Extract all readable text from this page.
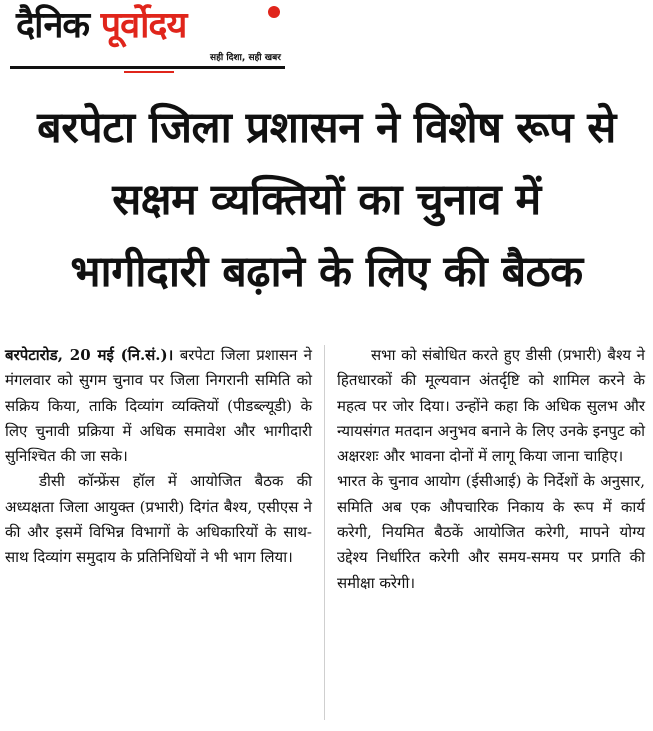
दैनिक पूर्वोदय
सही दिशा, सही खबर
बरपेटा जिला प्रशासन ने विशेष रूप से
सक्षम व्यक्तियों का चुनाव में
भागीदारी बढ़ाने के लिए की बैठक

बरपेटारोड, 20 मई (नि.सं.)। बरपेटा जिला प्रशासन ने मंगलवार को सुगम चुनाव पर जिला निगरानी समिति को सक्रिय किया, ताकि दिव्यांग व्यक्तियों (पीडब्ल्यूडी) के लिए चुनावी प्रक्रिया में अधिक समावेश और भागीदारी सुनिश्चित की जा सके।

डीसी कॉन्फ्रेंस हॉल में आयोजित बैठक की अध्यक्षता जिला आयुक्त (प्रभारी) दिगंत बैश्य, एसीएस ने की और इसमें विभिन्न विभागों के अधिकारियों के साथ-साथ दिव्यांग समुदाय के प्रतिनिधियों ने भी भाग लिया।

सभा को संबोधित करते हुए डीसी (प्रभारी) बैश्य ने हितधारकों की मूल्यवान अंतर्दृष्टि को शामिल करने के महत्व पर जोर दिया। उन्होंने कहा कि अधिक सुलभ और न्यायसंगत मतदान अनुभव बनाने के लिए उनके इनपुट को अक्षरशः और भावना दोनों में लागू किया जाना चाहिए।

भारत के चुनाव आयोग (ईसीआई) के निर्देशों के अनुसार, समिति अब एक औपचारिक निकाय के रूप में कार्य करेगी, नियमित बैठकें आयोजित करेगी, मापने योग्य उद्देश्य निर्धारित करेगी और समय-समय पर प्रगति की समीक्षा करेगी।
